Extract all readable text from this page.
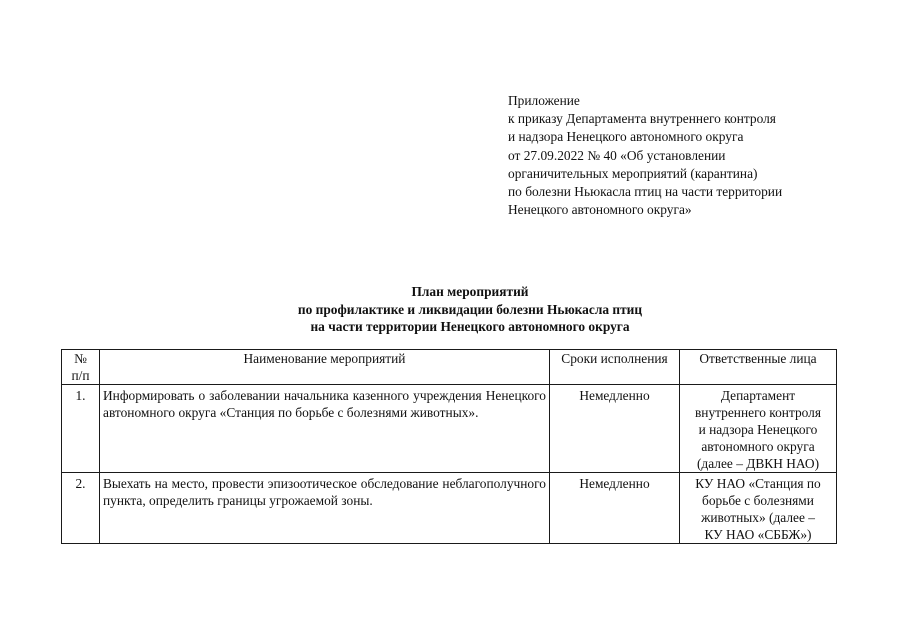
Приложение
к приказу Департамента внутреннего контроля
и надзора Ненецкого автономного округа
от 27.09.2022 № 40 «Об установлении
органичительных мероприятий (карантина)
по болезни Ньюкасла птиц на части территории
Ненецкого автономного округа»
План мероприятий
по профилактике и ликвидации болезни Ньюкасла птиц
на части территории Ненецкого автономного округа
№
п/п	Наименование мероприятий	Сроки исполнения	Ответственные лица
1.	Информировать о заболевании начальника казенного учреждения Ненецкого автономного округа «Станция по борьбе с болезнями животных».	Немедленно	Департамент
внутреннего контроля
и надзора Ненецкого
автономного округа
(далее – ДВКН НАО)

2.	Выехать на место, провести эпизоотическое обследование неблагополучного пункта, определить границы угрожаемой зоны.	Немедленно	КУ НАО «Станция по
борьбе с болезнями
животных» (далее –
КУ НАО «СББЖ»)
